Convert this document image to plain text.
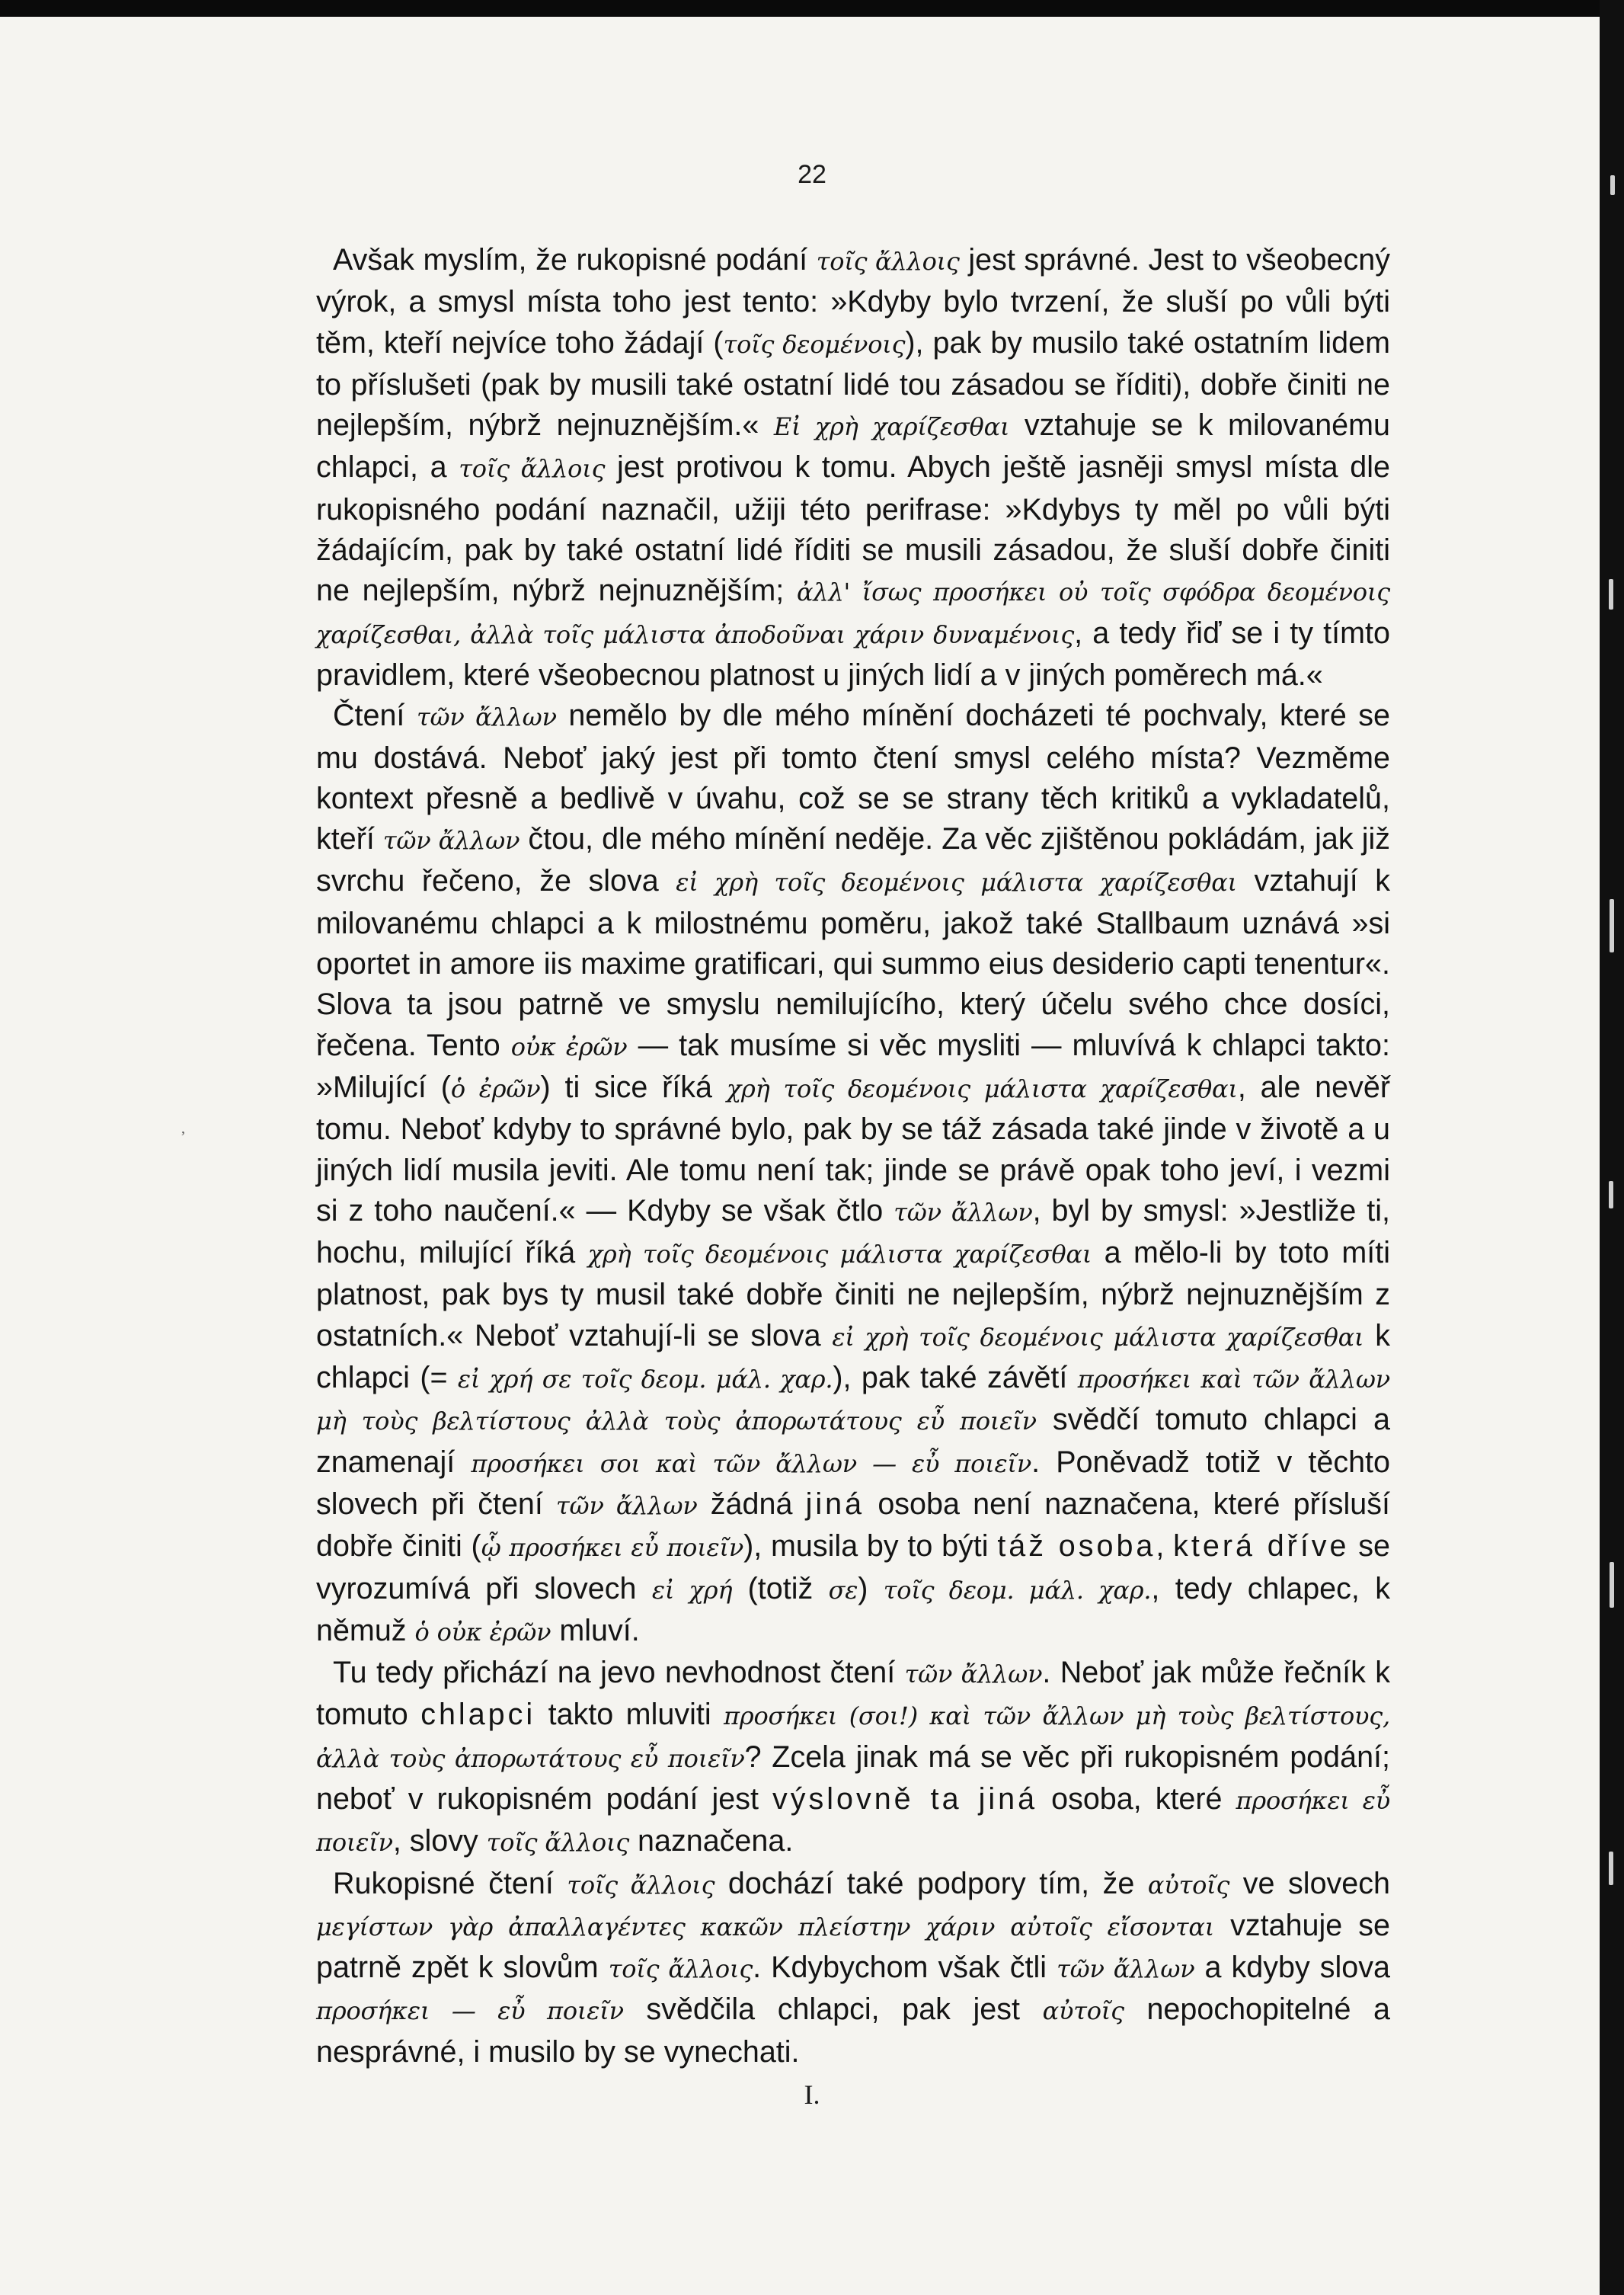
22

Avšak myslím, že rukopisné podání τοῖς ἄλλοις jest správné. Jest to všeobecný výrok, a smysl místa toho jest tento: »Kdyby bylo tvrzení, že sluší po vůli býti těm, kteří nejvíce toho žádají (τοῖς δεομένοις), pak by musilo také ostatním lidem to příslušeti (pak by musili také ostatní lidé tou zásadou se říditi), dobře činiti ne nejlepším, nýbrž nejnuznějším.« Εἰ χρὴ χαρίζεσθαι vztahuje se k milovanému chlapci, a τοῖς ἄλλοις jest protivou k tomu. Abych ještě jasněji smysl místa dle rukopisného podání naznačil, užiji této perifrase: »Kdybys ty měl po vůli býti žádajícím, pak by také ostatní lidé říditi se musili zásadou, že sluší dobře činiti ne nejlepším, nýbrž nejnuznějším; ἀλλ' ἴσως προσήκει οὐ τοῖς σφόδρα δεομένοις χαρίζεσθαι, ἀλλὰ τοῖς μάλιστα ἀποδοῦναι χάριν δυναμένοις, a tedy řiď se i ty tímto pravidlem, které všeobecnou platnost u jiných lidí a v jiných poměrech má.«

Čtení τῶν ἄλλων nemělo by dle mého mínění docházeti té pochvaly, které se mu dostává. Neboť jaký jest při tomto čtení smysl celého místa? Vezměme kontext přesně a bedlivě v úvahu, což se se strany těch kritiků a vykladatelů, kteří τῶν ἄλλων čtou, dle mého mínění neděje. Za věc zjištěnou pokládám, jak již svrchu řečeno, že slova εἰ χρὴ τοῖς δεομένοις μάλιστα χαρίζεσθαι vztahují k milovanému chlapci a k milostnému poměru, jakož také Stallbaum uznává »si oportet in amore iis maxime gratificari, qui summo eius desiderio capti tenentur«. Slova ta jsou patrně ve smyslu nemilujícího, který účelu svého chce dosíci, řečena. Tento οὐκ ἐρῶν — tak musíme si věc mysliti — mluvívá k chlapci takto: »Milující (ὁ ἐρῶν) ti sice říká χρὴ τοῖς δεομένοις μάλιστα χαρίζεσθαι, ale nevěř tomu. Neboť kdyby to správné bylo, pak by se táž zásada také jinde v životě a u jiných lidí musila jeviti. Ale tomu není tak; jinde se právě opak toho jeví, i vezmi si z toho naučení.« — Kdyby se však čtlo τῶν ἄλλων, byl by smysl: »Jestliže ti, hochu, milující říká χρὴ τοῖς δεομένοις μάλιστα χαρίζεσθαι a mělo-li by toto míti platnost, pak bys ty musil také dobře činiti ne nejlepším, nýbrž nejnuznějším z ostatních.« Neboť vztahují-li se slova εἰ χρὴ τοῖς δεομένοις μάλιστα χαρίζεσθαι k chlapci (= εἰ χρή σε τοῖς δεομ. μάλ. χαρ.), pak také závětí προσήκει καὶ τῶν ἄλλων μὴ τοὺς βελτίστους ἀλλὰ τοὺς ἀπορωτάτους εὖ ποιεῖν svědčí tomuto chlapci a znamenají προσήκει σοι καὶ τῶν ἄλλων — εὖ ποιεῖν. Poněvadž totiž v těchto slovech při čtení τῶν ἄλλων žádná jiná osoba není naznačena, které přísluší dobře činiti (ᾧ προσήκει εὖ ποιεῖν), musila by to býti táž osoba, která dříve se vyrozumívá při slovech εἰ χρή (totiž σε) τοῖς δεομ. μάλ. χαρ., tedy chlapec, k němuž ὁ οὐκ ἐρῶν mluví.

Tu tedy přichází na jevo nevhodnost čtení τῶν ἄλλων. Neboť jak může řečník k tomuto chlapci takto mluviti προσήκει (σοι!) καὶ τῶν ἄλλων μὴ τοὺς βελτίστους, ἀλλὰ τοὺς ἀπορωτάτους εὖ ποιεῖν? Zcela jinak má se věc při rukopisném podání; neboť v rukopisném podání jest výslovně ta jiná osoba, které προσήκει εὖ ποιεῖν, slovy τοῖς ἄλλοις naznačena.

Rukopisné čtení τοῖς ἄλλοις dochází také podpory tím, že αὐτοῖς ve slovech μεγίστων γὰρ ἀπαλλαγέντες κακῶν πλείστην χάριν αὐτοῖς εἴσονται vztahuje se patrně zpět k slovům τοῖς ἄλλοις. Kdybychom však čtli τῶν ἄλλων a kdyby slova προσήκει — εὖ ποιεῖν svědčila chlapci, pak jest αὐτοῖς nepochopitelné a nesprávné, i musilo by se vynechati.

I.
,
